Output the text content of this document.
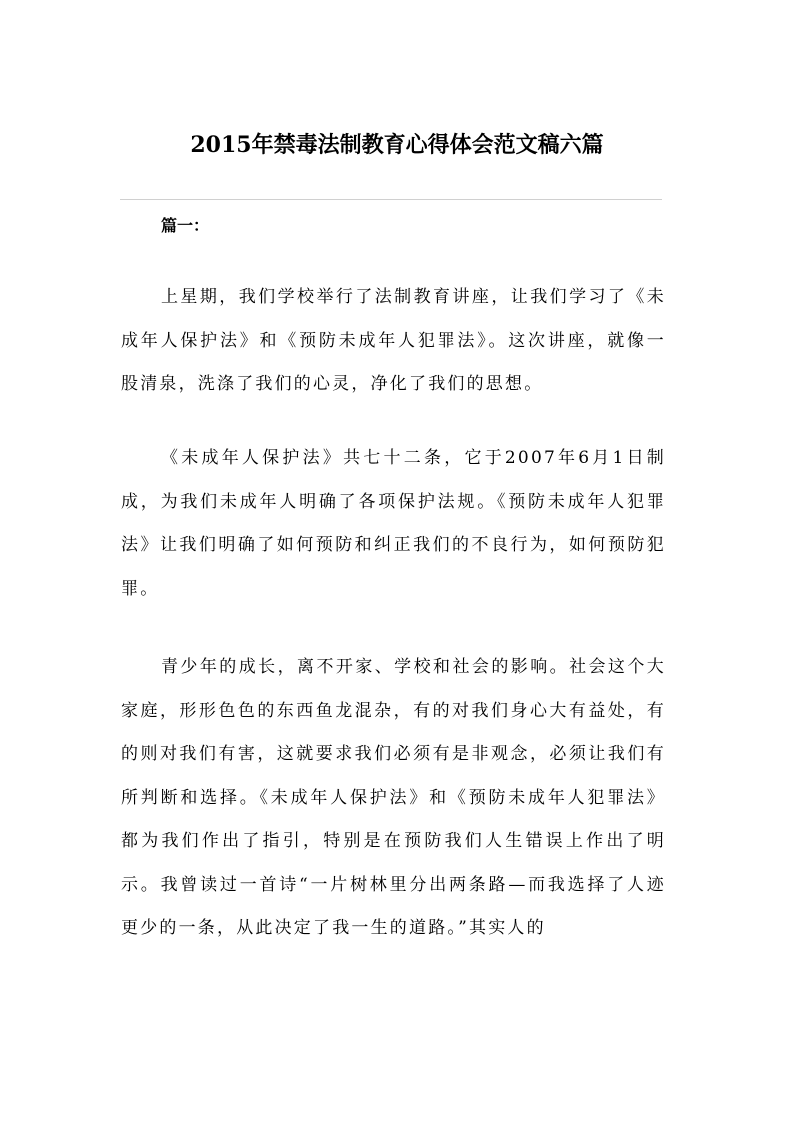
2015年禁毒法制教育心得体会范文稿六篇
篇一：

上星期，我们学校举行了法制教育讲座，让我们学习了《未成年人保护法》和《预防未成年人犯罪法》。这次讲座，就像一股清泉，洗涤了我们的心灵，净化了我们的思想。

《未成年人保护法》共七十二条，它于2007年6月1日制成，为我们未成年人明确了各项保护法规。《预防未成年人犯罪法》让我们明确了如何预防和纠正我们的不良行为，如何预防犯罪。

青少年的成长，离不开家、学校和社会的影响。社会这个大家庭，形形色色的东西鱼龙混杂，有的对我们身心大有益处，有的则对我们有害，这就要求我们必须有是非观念，必须让我们有所判断和选择。《未成年人保护法》和《预防未成年人犯罪法》都为我们作出了指引，特别是在预防我们人生错误上作出了明示。我曾读过一首诗“一片树林里分出两条路—而我选择了人迹更少的一条，从此决定了我一生的道路。”其实人的
